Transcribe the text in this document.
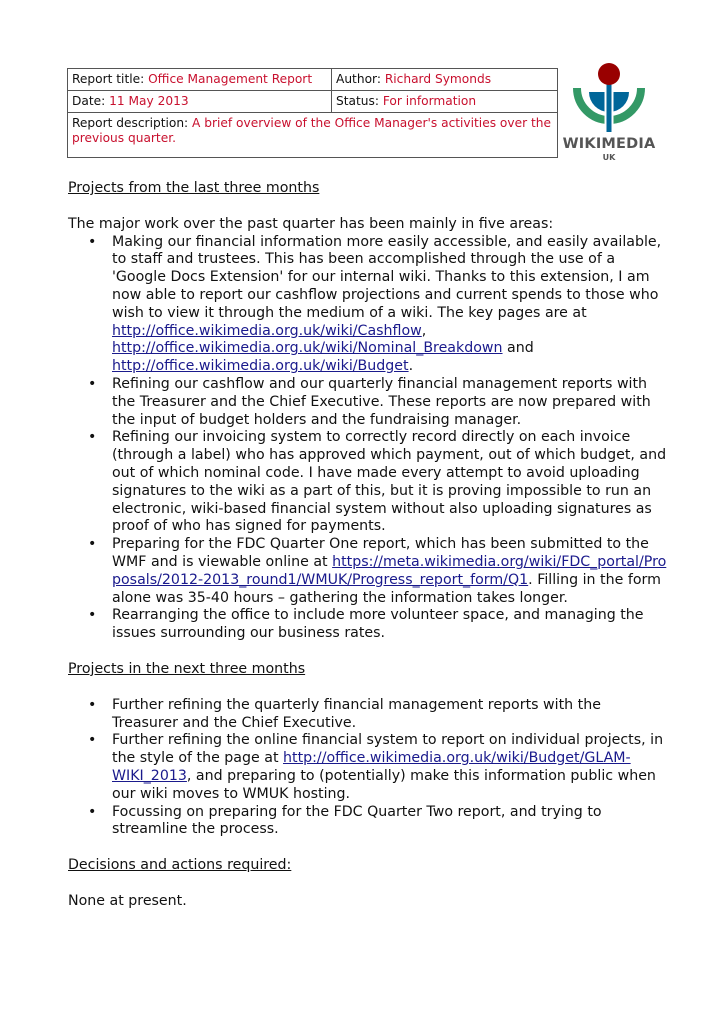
Report title: Office Management Report	Author: Richard Symonds
Date: 11 May 2013	Status: For information
Report description: A brief overview of the Office Manager's activities over the previous quarter.		WIKIMEDIA
UK

Projects from the last three months

The major work over the past quarter has been mainly in five areas:

• Making our financial information more easily accessible, and easily available, to staff and trustees. This has been accomplished through the use of a 'Google Docs Extension' for our internal wiki. Thanks to this extension, I am now able to report our cashflow projections and current spends to those who wish to view it through the medium of a wiki. The key pages are at http://office.wikimedia.org.uk/wiki/Cashflow,
http://office.wikimedia.org.uk/wiki/Nominal_Breakdown and
http://office.wikimedia.org.uk/wiki/Budget.
• Refining our cashflow and our quarterly financial management reports with the Treasurer and the Chief Executive. These reports are now prepared with the input of budget holders and the fundraising manager.
• Refining our invoicing system to correctly record directly on each invoice (through a label) who has approved which payment, out of which budget, and out of which nominal code. I have made every attempt to avoid uploading signatures to the wiki as a part of this, but it is proving impossible to run an electronic, wiki-based financial system without also uploading signatures as proof of who has signed for payments.
• Preparing for the FDC Quarter One report, which has been submitted to the WMF and is viewable online at https://meta.wikimedia.org/wiki/FDC_portal/Proposals/2012-2013_round1/WMUK/Progress_report_form/Q1. Filling in the form alone was 35-40 hours – gathering the information takes longer.
• Rearranging the office to include more volunteer space, and managing the issues surrounding our business rates.

Projects in the next three months

• Further refining the quarterly financial management reports with the Treasurer and the Chief Executive.
• Further refining the online financial system to report on individual projects, in the style of the page at http://office.wikimedia.org.uk/wiki/Budget/GLAM-WIKI_2013, and preparing to (potentially) make this information public when our wiki moves to WMUK hosting.
• Focussing on preparing for the FDC Quarter Two report, and trying to streamline the process.

Decisions and actions required:

None at present.
